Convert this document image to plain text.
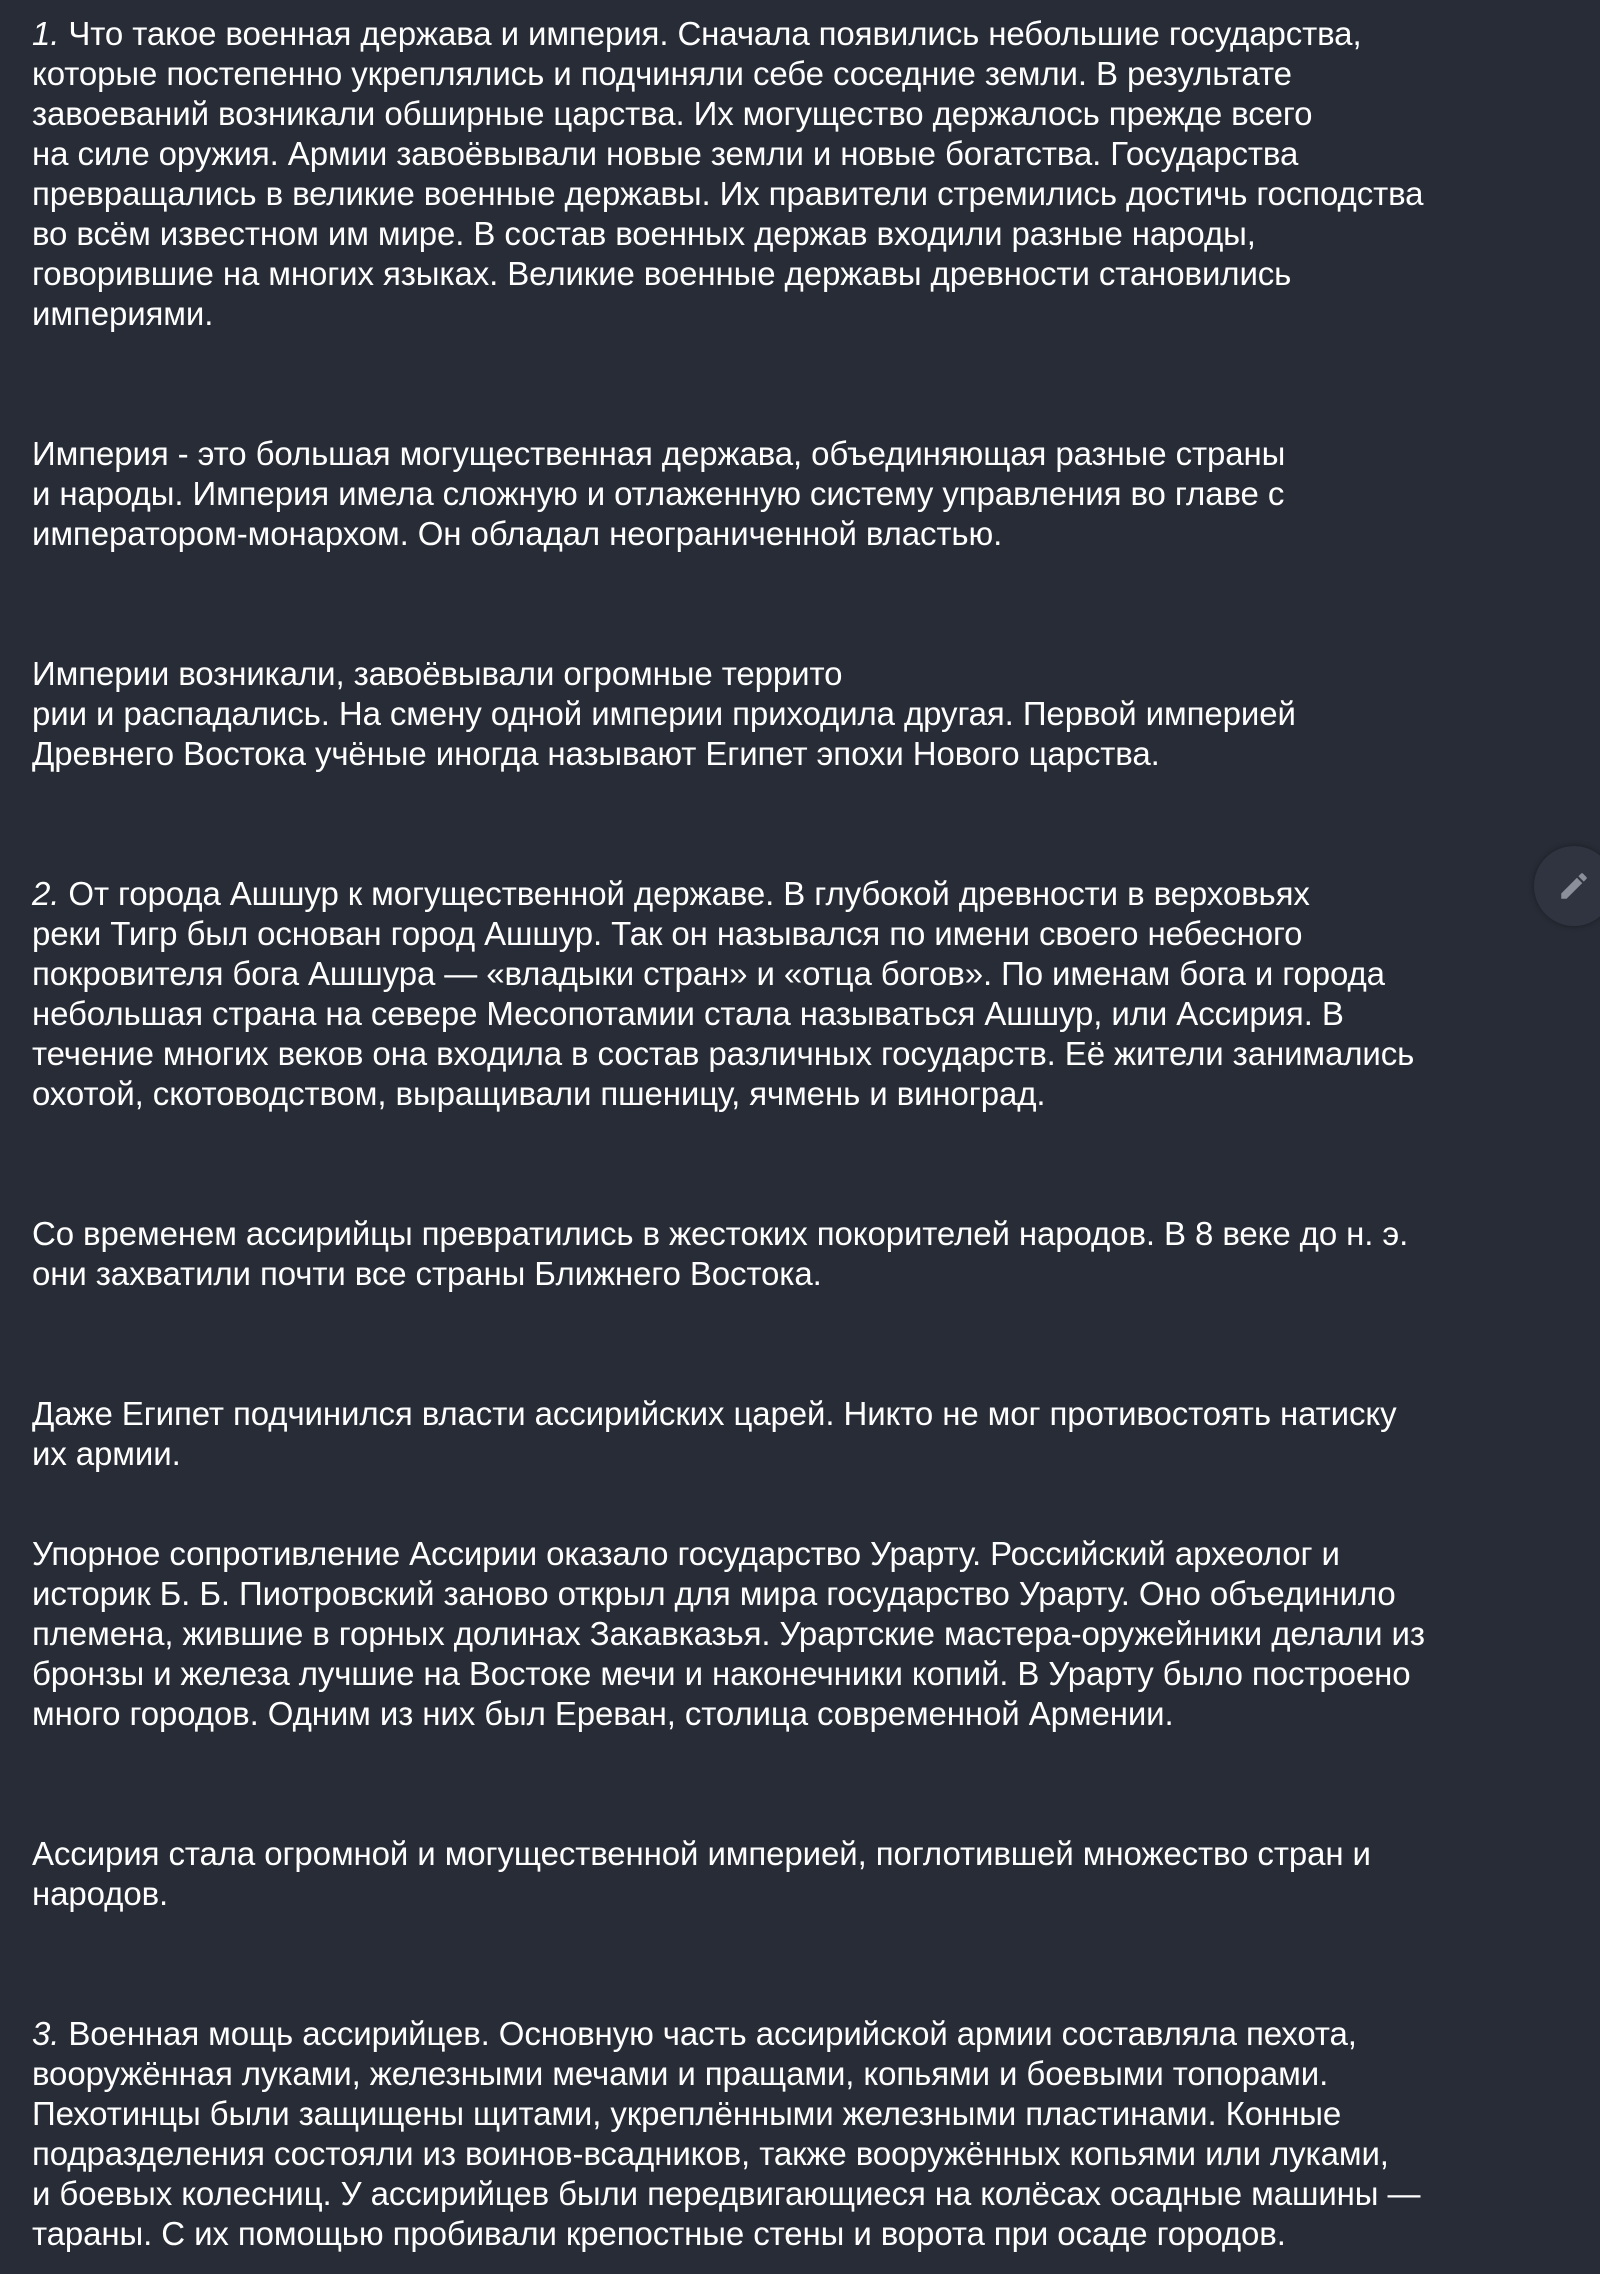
1. Что такое военная держава и империя. Сначала появились небольшие государства,
которые постепенно укреплялись и подчиняли себе соседние земли. В результате
завоеваний возникали обширные царства. Их могущество держалось прежде всего
на силе оружия. Армии завоёвывали новые земли и новые богатства. Государства
превращались в великие военные державы. Их правители стремились достичь господства
во всём известном им мире. В состав военных держав входили разные народы,
говорившие на многих языках. Великие военные державы древности становились
империями.

Империя - это большая могущественная держава, объединяющая разные страны
и народы. Империя имела сложную и отлаженную систему управления во главе с
императором-монархом. Он обладал неограниченной властью.

Империи возникали, завоёвывали огромные террито
рии и распадались. На смену одной империи приходила другая. Первой империей
Древнего Востока учёные иногда называют Египет эпохи Нового царства.

2. От города Ашшур к могущественной державе. В глубокой древности в верховьях
реки Тигр был основан город Ашшур. Так он назывался по имени своего небесного
покровителя бога Ашшура — «владыки стран» и «отца богов». По именам бога и города
небольшая страна на севере Месопотамии стала называться Ашшур, или Ассирия. В
течение многих веков она входила в состав различных государств. Её жители занимались
охотой, скотоводством, выращивали пшеницу, ячмень и виноград.

Со временем ассирийцы превратились в жестоких покорителей народов. В 8 веке до н. э.
они захватили почти все страны Ближнего Востока.

Даже Египет подчинился власти ассирийских царей. Никто не мог противостоять натиску
их армии.

Упорное сопротивление Ассирии оказало государство Урарту. Российский археолог и
историк Б. Б. Пиотровский заново открыл для мира государство Урарту. Оно объединило
племена, жившие в горных долинах Закавказья. Урартские мастера-оружейники делали из
бронзы и железа лучшие на Востоке мечи и наконечники копий. В Урарту было построено
много городов. Одним из них был Ереван, столица современной Армении.

Ассирия стала огромной и могущественной империей, поглотившей множество стран и
народов.

3. Военная мощь ассирийцев. Основную часть ассирийской армии составляла пехота,
вооружённая луками, железными мечами и пращами, копьями и боевыми топорами.
Пехотинцы были защищены щитами, укреплёнными железными пластинами. Конные
подразделения состояли из воинов-всадников, также вооружённых копьями или луками,
и боевых колесниц. У ассирийцев были передвигающиеся на колёсах осадные машины —
тараны. С их помощью пробивали крепостные стены и ворота при осаде городов.
